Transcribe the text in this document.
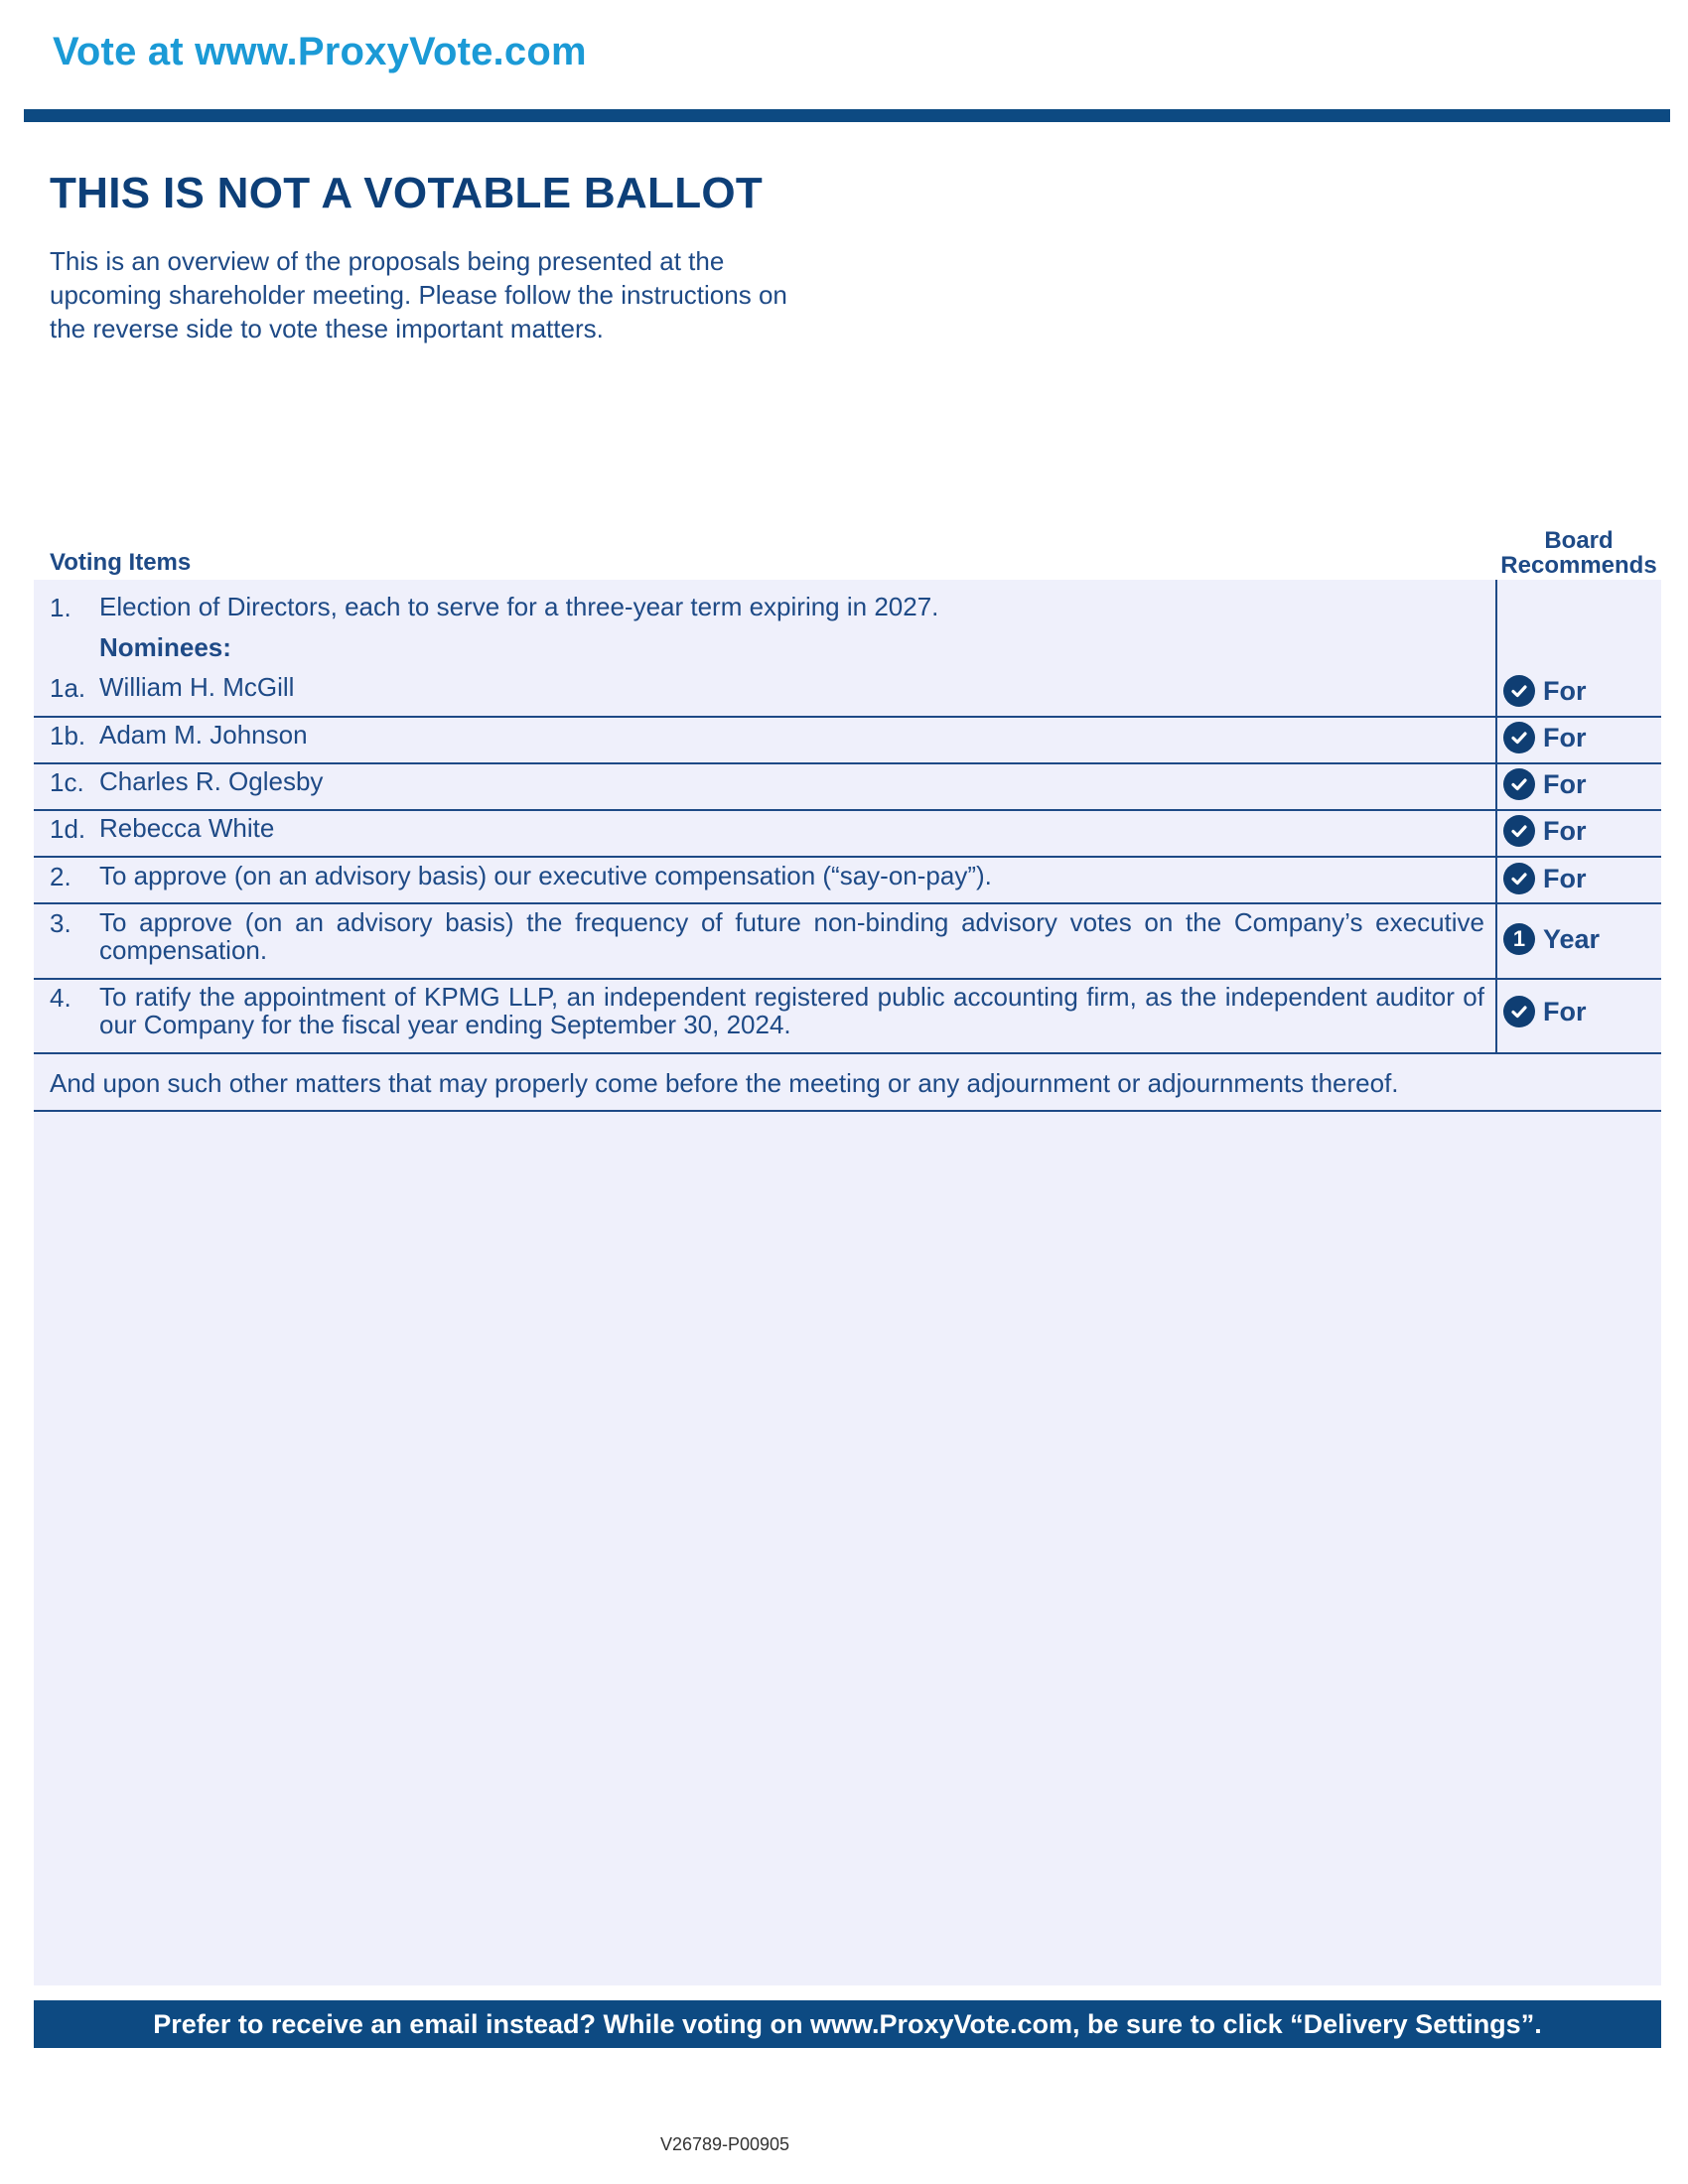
Vote at www.ProxyVote.com
THIS IS NOT A VOTABLE BALLOT
This is an overview of the proposals being presented at the
upcoming shareholder meeting. Please follow the instructions on
the reverse side to vote these important matters.
Voting Items
Board
Recommends
1. Election of Directors, each to serve for a three-year term expiring in 2027.
Nominees:
1a. William H. McGill	For
1b. Adam M. Johnson	For
1c. Charles R. Oglesby	For
1d. Rebecca White	For
2. To approve (on an advisory basis) our executive compensation (“say-on-pay”).	For
3. To approve (on an advisory basis) the frequency of future non-binding advisory votes on the Company’s executive compensation.	1 Year
4. To ratify the appointment of KPMG LLP, an independent registered public accounting firm, as the independent auditor of our Company for the fiscal year ending September 30, 2024.	For
And upon such other matters that may properly come before the meeting or any adjournment or adjournments thereof.
Prefer to receive an email instead? While voting on www.ProxyVote.com, be sure to click “Delivery Settings”.
V26789-P00905
